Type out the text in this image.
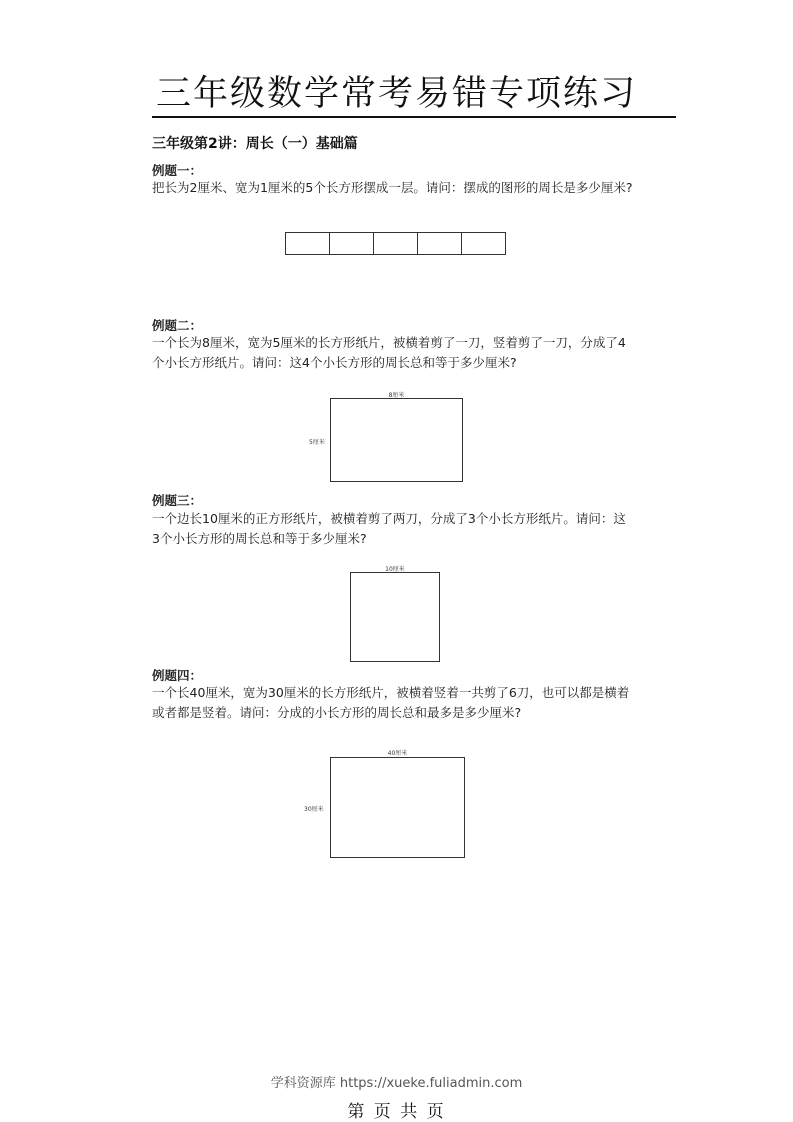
三年级数学常考易错专项练习
三年级第2讲：周长（一）基础篇
例题一：
把长为2厘米、宽为1厘米的5个长方形摆成一层。请问：摆成的图形的周长是多少厘米?
例题二：
一个长为8厘米，宽为5厘米的长方形纸片，被横着剪了一刀，竖着剪了一刀，分成了4
个小长方形纸片。请问：这4个小长方形的周长总和等于多少厘米?
8厘米
5厘米
例题三：
一个边长10厘米的正方形纸片，被横着剪了两刀，分成了3个小长方形纸片。请问：这
3个小长方形的周长总和等于多少厘米?
10厘米
例题四：
一个长40厘米，宽为30厘米的长方形纸片，被横着竖着一共剪了6刀，也可以都是横着
或者都是竖着。请问：分成的小长方形的周长总和最多是多少厘米?
40厘米
30厘米
学科资源库 https://xueke.fuliadmin.com
第 页 共 页
